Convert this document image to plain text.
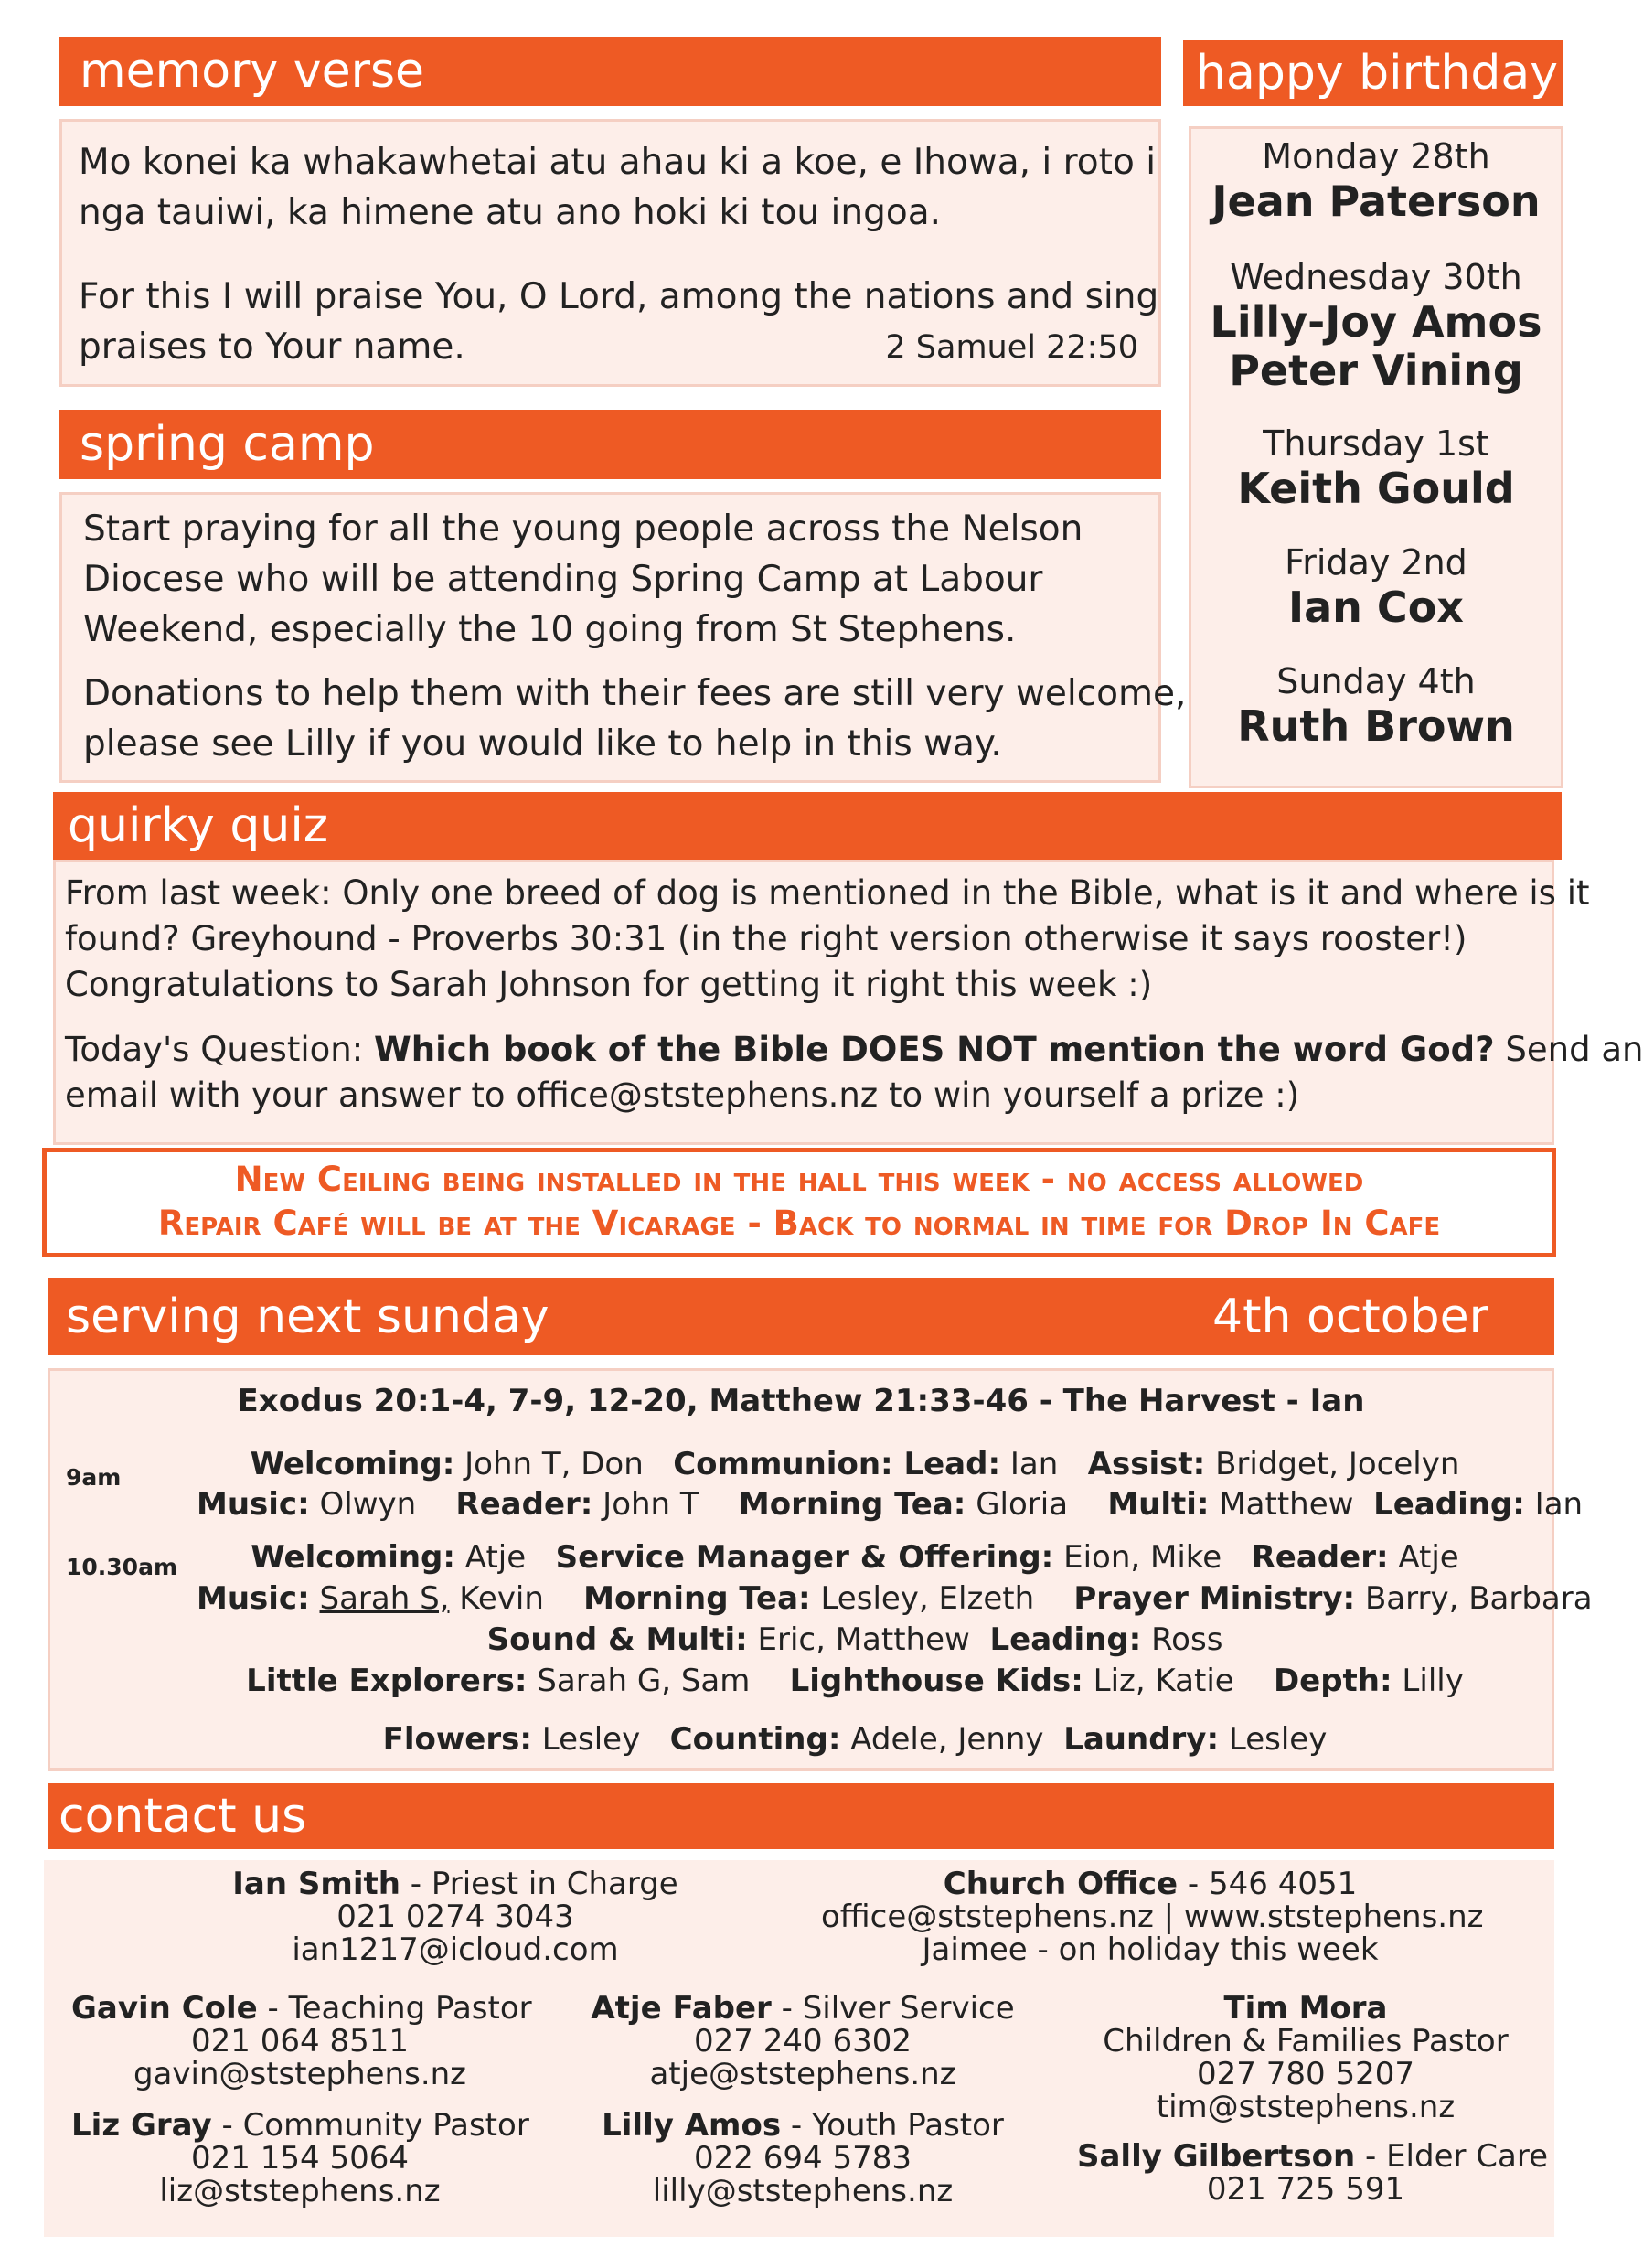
memory verse
Mo konei ka whakawhetai atu ahau ki a koe, e Ihowa, i roto i
nga tauiwi, ka himene atu ano hoki ki tou ingoa.
For this I will praise You, O Lord, among the nations and sing
praises to Your name.	2 Samuel 22:50
happy birthday
Monday 28th
Jean Paterson
Wednesday 30th
Lilly-Joy Amos
Peter Vining
Thursday 1st
Keith Gould
Friday 2nd
Ian Cox
Sunday 4th
Ruth Brown
spring camp
Start praying for all the young people across the Nelson
Diocese who will be attending Spring Camp at Labour
Weekend, especially the 10 going from St Stephens.
Donations to help them with their fees are still very welcome,
please see Lilly if you would like to help in this way.
quirky quiz
From last week: Only one breed of dog is mentioned in the Bible, what is it and where is it
found? Greyhound - Proverbs 30:31 (in the right version otherwise it says rooster!)
Congratulations to Sarah Johnson for getting it right this week :)
Today's Question: Which book of the Bible DOES NOT mention the word God? Send an
email with your answer to office@ststephens.nz to win yourself a prize :)
New Ceiling being installed in the hall this week - no access allowed
Repair Café will be at the Vicarage - Back to normal in time for Drop In Cafe
serving next sunday	4th october
Exodus 20:1-4, 7-9, 12-20, Matthew 21:33-46 - The Harvest - Ian
9am
10.30am
Welcoming: John T, Don Communion: Lead: Ian Assist: Bridget, Jocelyn
Music: Olwyn Reader: John T Morning Tea: Gloria Multi: Matthew Leading: Ian
Welcoming: Atje Service Manager & Offering: Eion, Mike Reader: Atje
Music: Sarah S, Kevin Morning Tea: Lesley, Elzeth Prayer Ministry: Barry, Barbara
Sound & Multi: Eric, Matthew Leading: Ross
Little Explorers: Sarah G, Sam Lighthouse Kids: Liz, Katie Depth: Lilly
Flowers: Lesley Counting: Adele, Jenny Laundry: Lesley
contact us
Ian Smith - Priest in Charge
021 0274 3043
ian1217@icloud.com
Church Office - 546 4051
office@ststephens.nz | www.ststephens.nz
Jaimee - on holiday this week
Gavin Cole - Teaching Pastor
021 064 8511
gavin@ststephens.nz
Atje Faber - Silver Service
027 240 6302
atje@ststephens.nz
Tim Mora
Children & Families Pastor
027 780 5207
tim@ststephens.nz
Liz Gray - Community Pastor
021 154 5064
liz@ststephens.nz
Lilly Amos - Youth Pastor
022 694 5783
lilly@ststephens.nz
Sally Gilbertson - Elder Care
021 725 591
